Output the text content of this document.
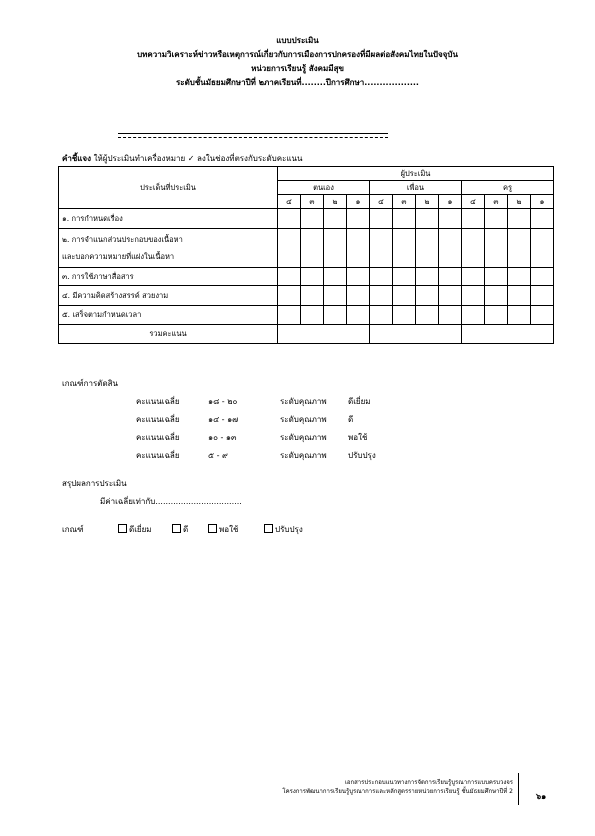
แบบประเมิน
บทความวิเคราะห์ข่าวหรือเหตุการณ์เกี่ยวกับการเมืองการปกครองที่มีผลต่อสังคมไทยในปัจจุบัน
หน่วยการเรียนรู้ สังคมมีสุข
ระดับชั้นมัธยมศึกษาปีที่ ๒ภาคเรียนที่........ปีการศึกษา..................
คำชี้แจง ให้ผู้ประเมินทำเครื่องหมาย ✓ ลงในช่องที่ตรงกับระดับคะแนน
ประเด็นที่ประเมิน	ผู้ประเมิน											
	ตนเอง				เพื่อน				ครู			
	๔	๓	๒	๑	๔	๓	๒	๑	๔	๓	๒	๑
๑. การกำหนดเรื่อง												

๒. การจำแนกส่วนประกอบของเนื้อหา
และบอกความหมายที่แฝงในเนื้อหา												

๓. การใช้ภาษาสื่อสาร												
๔. มีความคิดสร้างสรรค์ สวยงาม												
๕. เสร็จตามกำหนดเวลา												
รวมคะแนน												
เกณฑ์การตัดสิน
คะแนนเฉลี่ย	๑๘ - ๒๐	ระดับคุณภาพ	ดีเยี่ยม
คะแนนเฉลี่ย	๑๔ - ๑๗	ระดับคุณภาพ	ดี
คะแนนเฉลี่ย	๑๐ - ๑๓	ระดับคุณภาพ	พอใช้
คะแนนเฉลี่ย	๕ - ๙	ระดับคุณภาพ	ปรับปรุง
สรุปผลการประเมิน
มีค่าเฉลี่ยเท่ากับ..................................
เกณฑ์	ดีเยี่ยม	ดี	พอใช้	ปรับปรุง
เอกสารประกอบแนวทางการจัดการเรียนรู้บูรณาการแบบครบวงจร
โครงการพัฒนาการเรียนรู้บูรณาการและหลักสูตรรายหน่วยการเรียนรู้ ชั้นมัธยมศึกษาปีที่ 2
๖๑
